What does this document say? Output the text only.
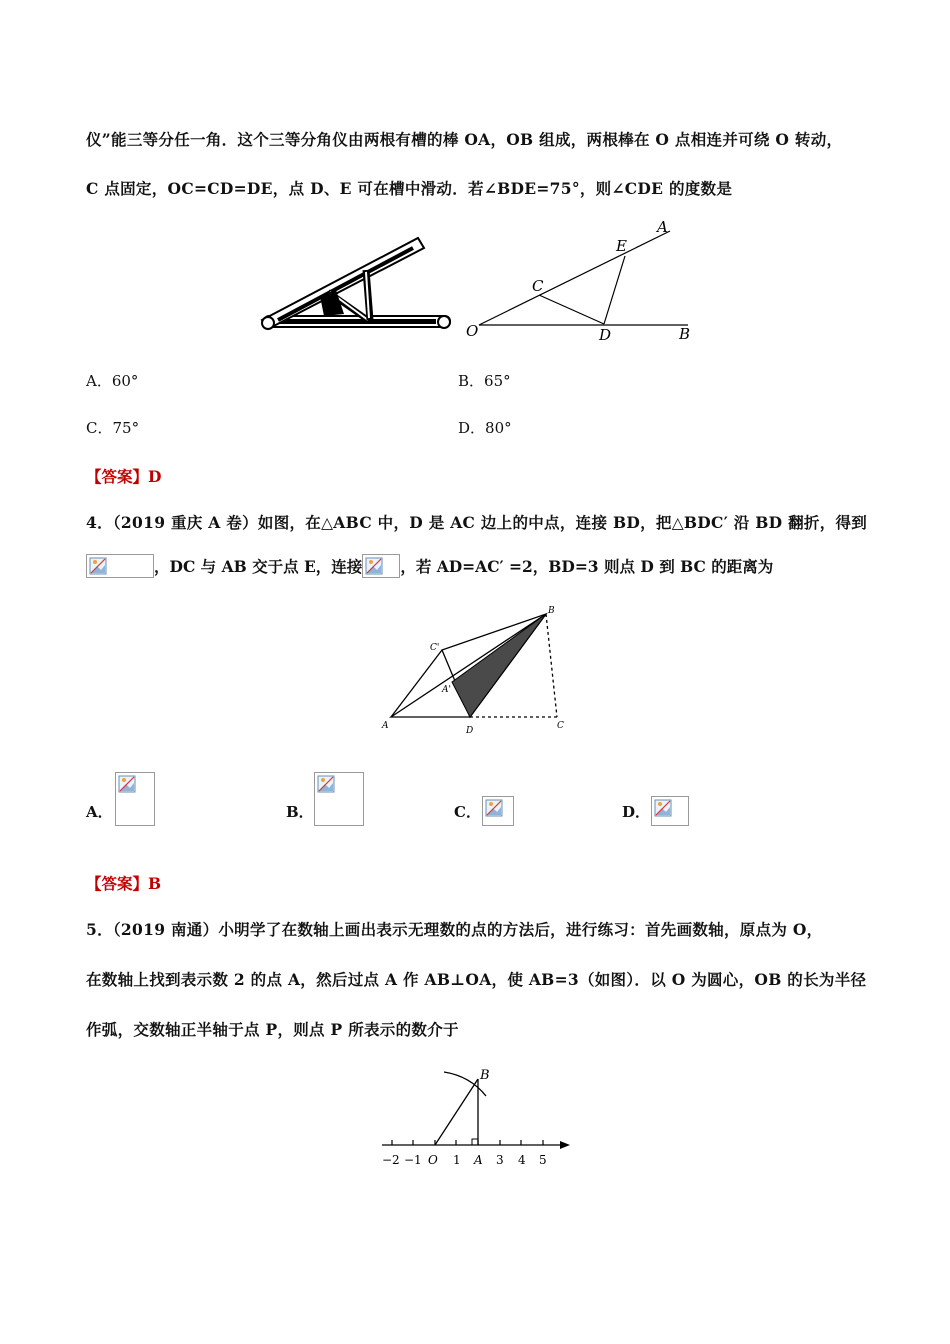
仪”能三等分任一角．这个三等分角仪由两根有槽的棒 OA，OB 组成，两根棒在 O 点相连并可绕 O 转动，
C 点固定，OC=CD=DE，点 D、E 可在槽中滑动．若∠BDE=75°，则∠CDE 的度数是
A
E
C
O	D	B
A．60°	B．65°
C．75°	D．80°
【答案】D
4．（2019 重庆 A 卷）如图，在△ABC 中，D 是 AC 边上的中点，连接 BD，把△BDC′ 沿 BD 翻折，得到
，DC 与 AB 交于点 E，连接 ，若 AD=AC′ =2，BD=3 则点 D 到 BC 的距离为
B
C'
A'
A	D	C
A．	B．	C．	D．
【答案】B
5．（2019 南通）小明学了在数轴上画出表示无理数的点的方法后，进行练习：首先画数轴，原点为 O，
在数轴上找到表示数 2 的点 A，然后过点 A 作 AB⊥OA，使 AB=3（如图）．以 O 为圆心，OB 的长为半径
作弧，交数轴正半轴于点 P，则点 P 所表示的数介于
B
−2 −1 O 1 A 3 4 5
